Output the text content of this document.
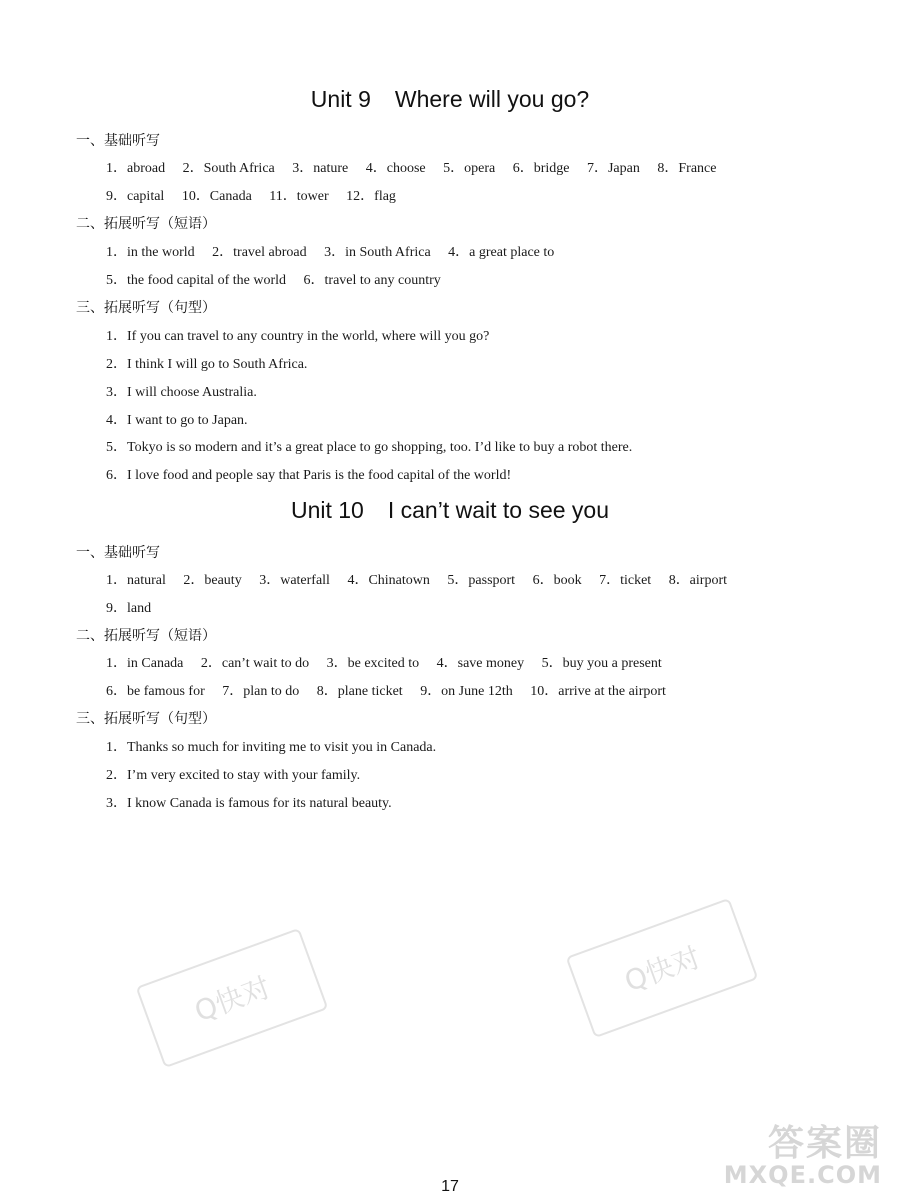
Unit 9 Where will you go?
一、基础听写
1．abroad 2．South Africa 3．nature 4．choose 5．opera 6．bridge 7．Japan 8．France
9．capital 10．Canada 11．tower 12．flag
二、拓展听写（短语）
1．in the world 2．travel abroad 3．in South Africa 4．a great place to
5．the food capital of the world 6．travel to any country
三、拓展听写（句型）
1．If you can travel to any country in the world, where will you go?
2．I think I will go to South Africa.
3．I will choose Australia.
4．I want to go to Japan.
5．Tokyo is so modern and it’s a great place to go shopping, too. I’d like to buy a robot there.
6．I love food and people say that Paris is the food capital of the world!
Unit 10 I can’t wait to see you
一、基础听写
1．natural 2．beauty 3．waterfall 4．Chinatown 5．passport 6．book 7．ticket 8．airport
9．land
二、拓展听写（短语）
1．in Canada 2．can’t wait to do 3．be excited to 4．save money 5．buy you a present
6．be famous for 7．plan to do 8．plane ticket 9．on June 12th 10．arrive at the airport
三、拓展听写（句型）
1．Thanks so much for inviting me to visit you in Canada.
2．I’m very excited to stay with your family.
3．I know Canada is famous for its natural beauty.
Q快对
Q快对
答案圈
MXQE.COM
17
